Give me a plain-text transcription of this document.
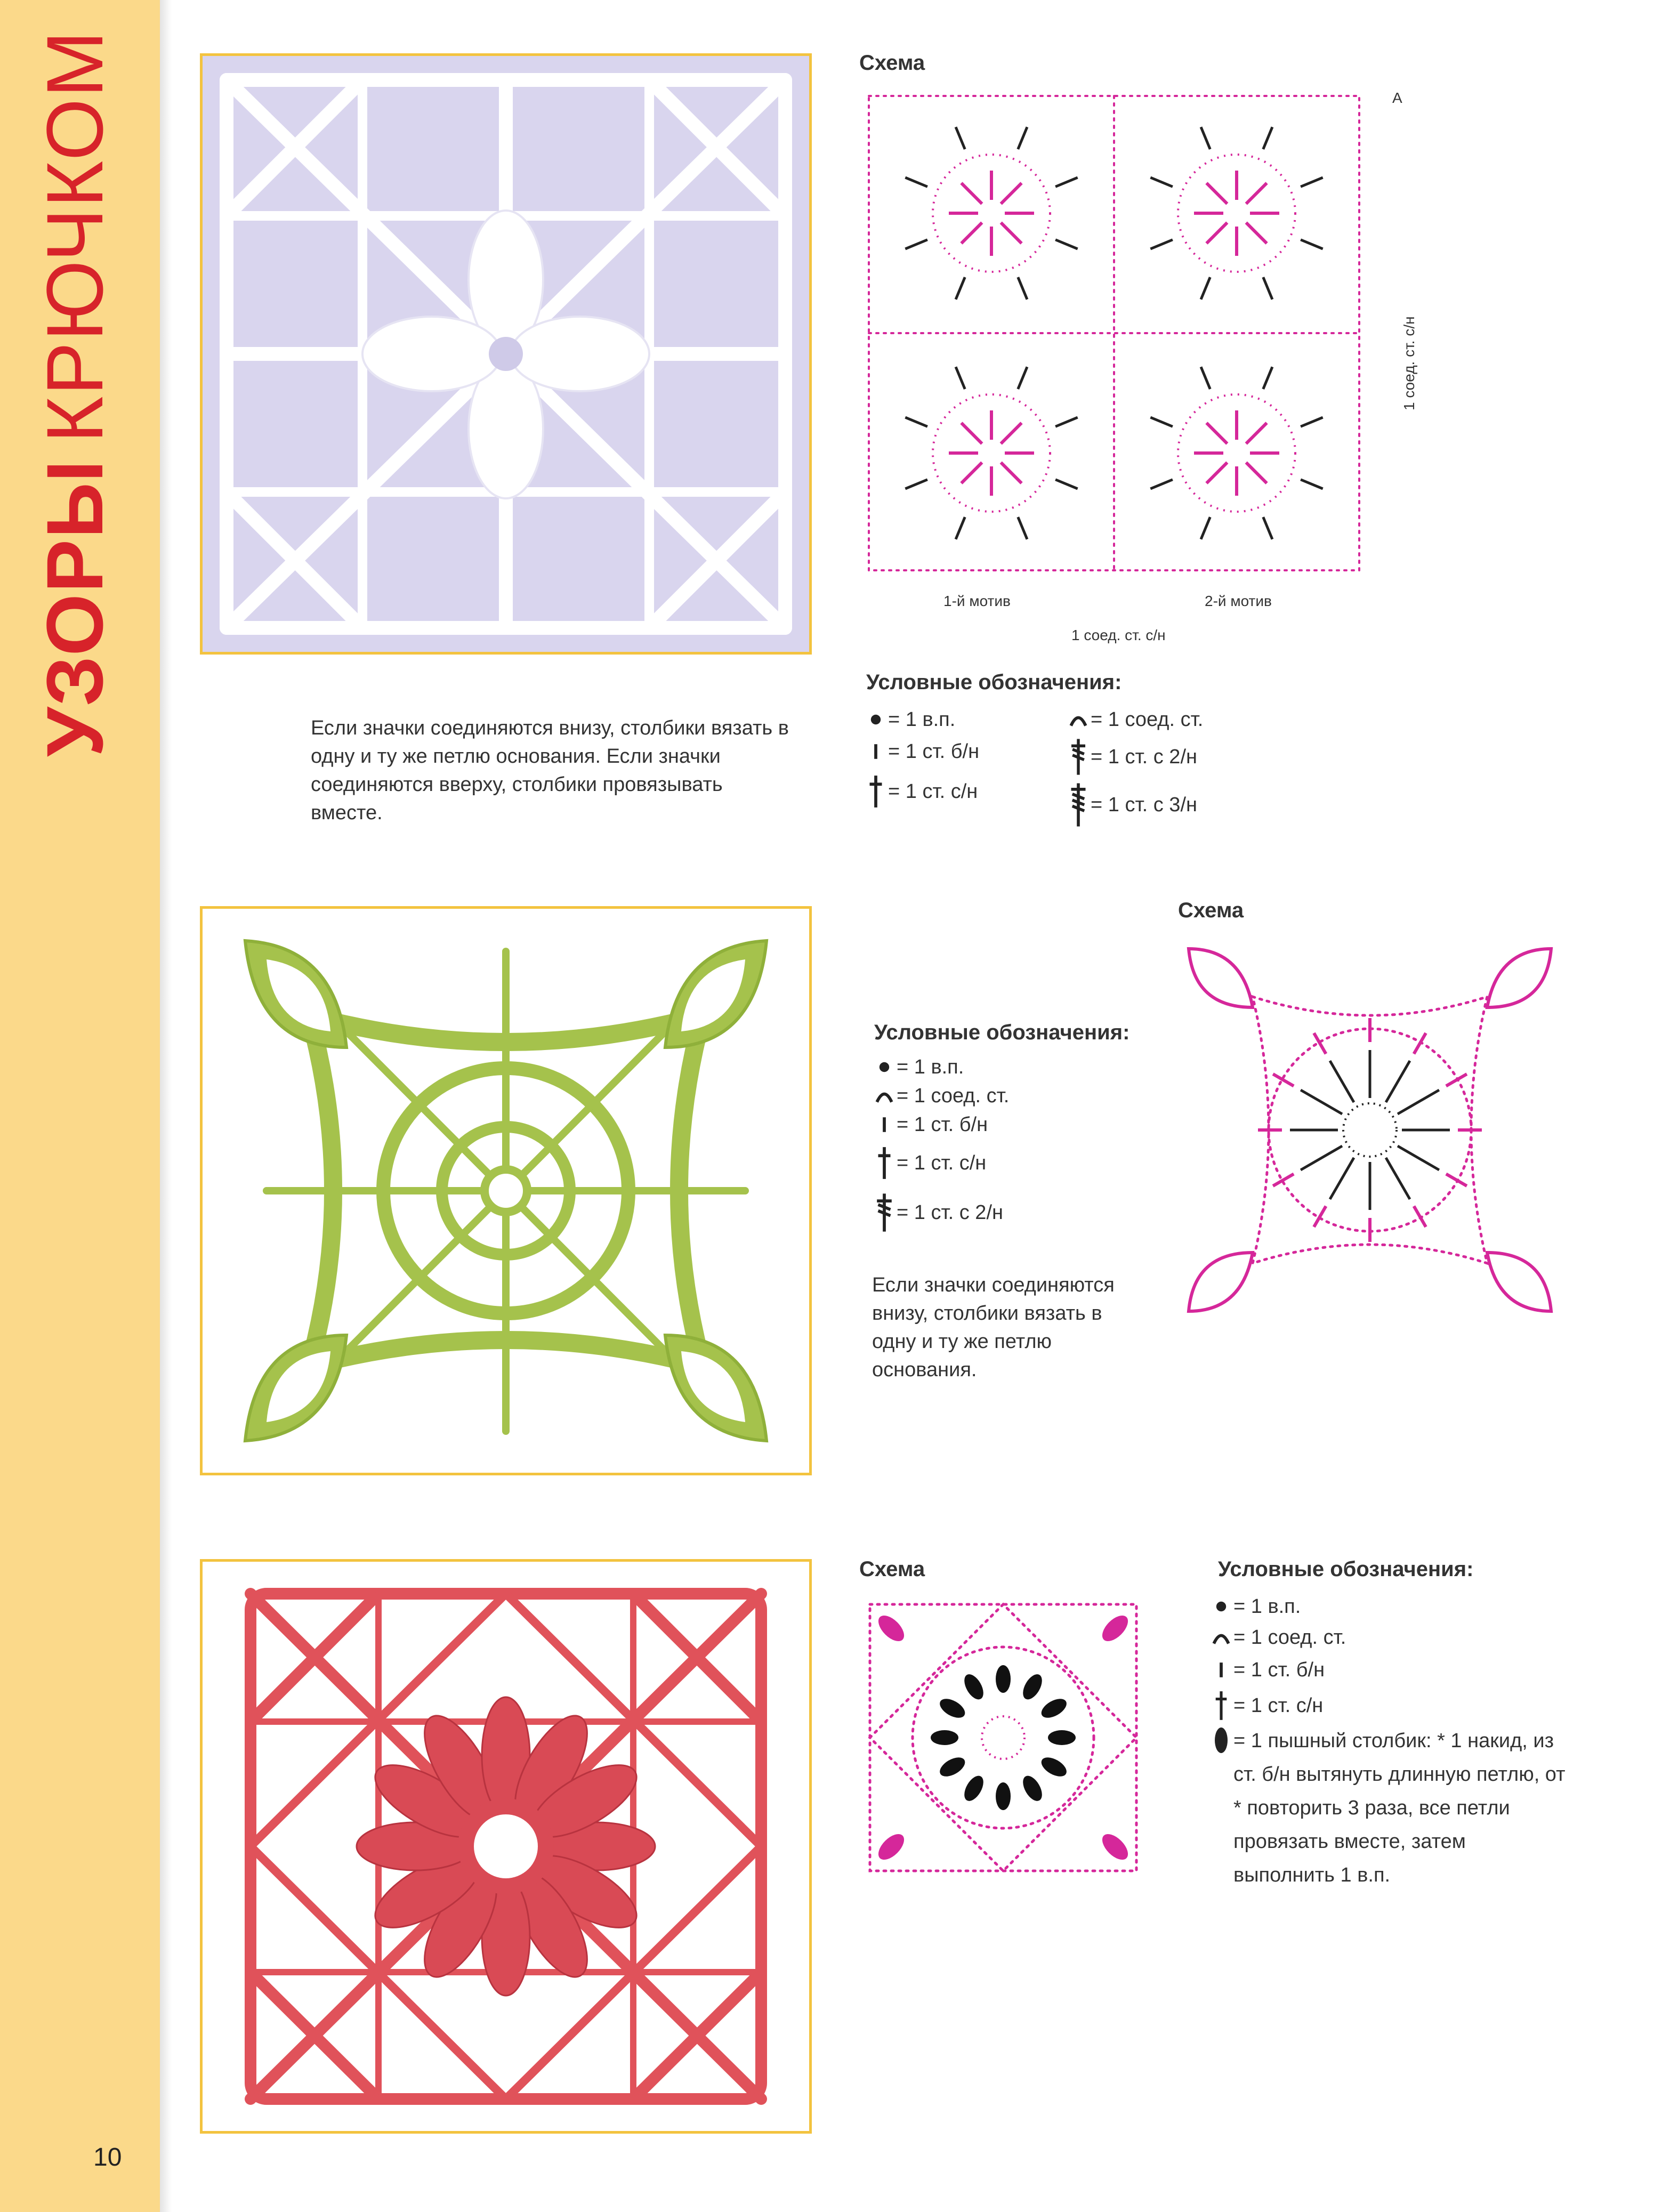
УЗОРЫКРЮЧКОМ
10
Схема
А
1 соед. ст. с/н
1-й мотив	2-й мотив
1 соед. ст. с/н

Если значки соединяются внизу, столбики вязать в одну и ту же петлю основания. Если значки соединяются вверху, столбики провязывать вместе.

Условные обозначения:
= 1 в.п.
= 1 ст. б/н
= 1 ст. с/н
= 1 соед. ст.
= 1 ст. с 2/н
= 1 ст. с 3/н
Схема
Условные обозначения:
= 1 в.п.
= 1 соед. ст.
= 1 ст. б/н
= 1 ст. с/н
= 1 ст. с 2/н

Если значки соединяются внизу, столбики вязать в одну и ту же петлю основания.

Схема	Условные обозначения:
= 1 в.п.
= 1 соед. ст.
= 1 ст. б/н
= 1 ст. с/н
= 1 пышный столбик: * 1 накид, из ст. б/н вытянуть длинную петлю, от * повторить 3 раза, все петли провязать вместе, затем выполнить 1 в.п.
